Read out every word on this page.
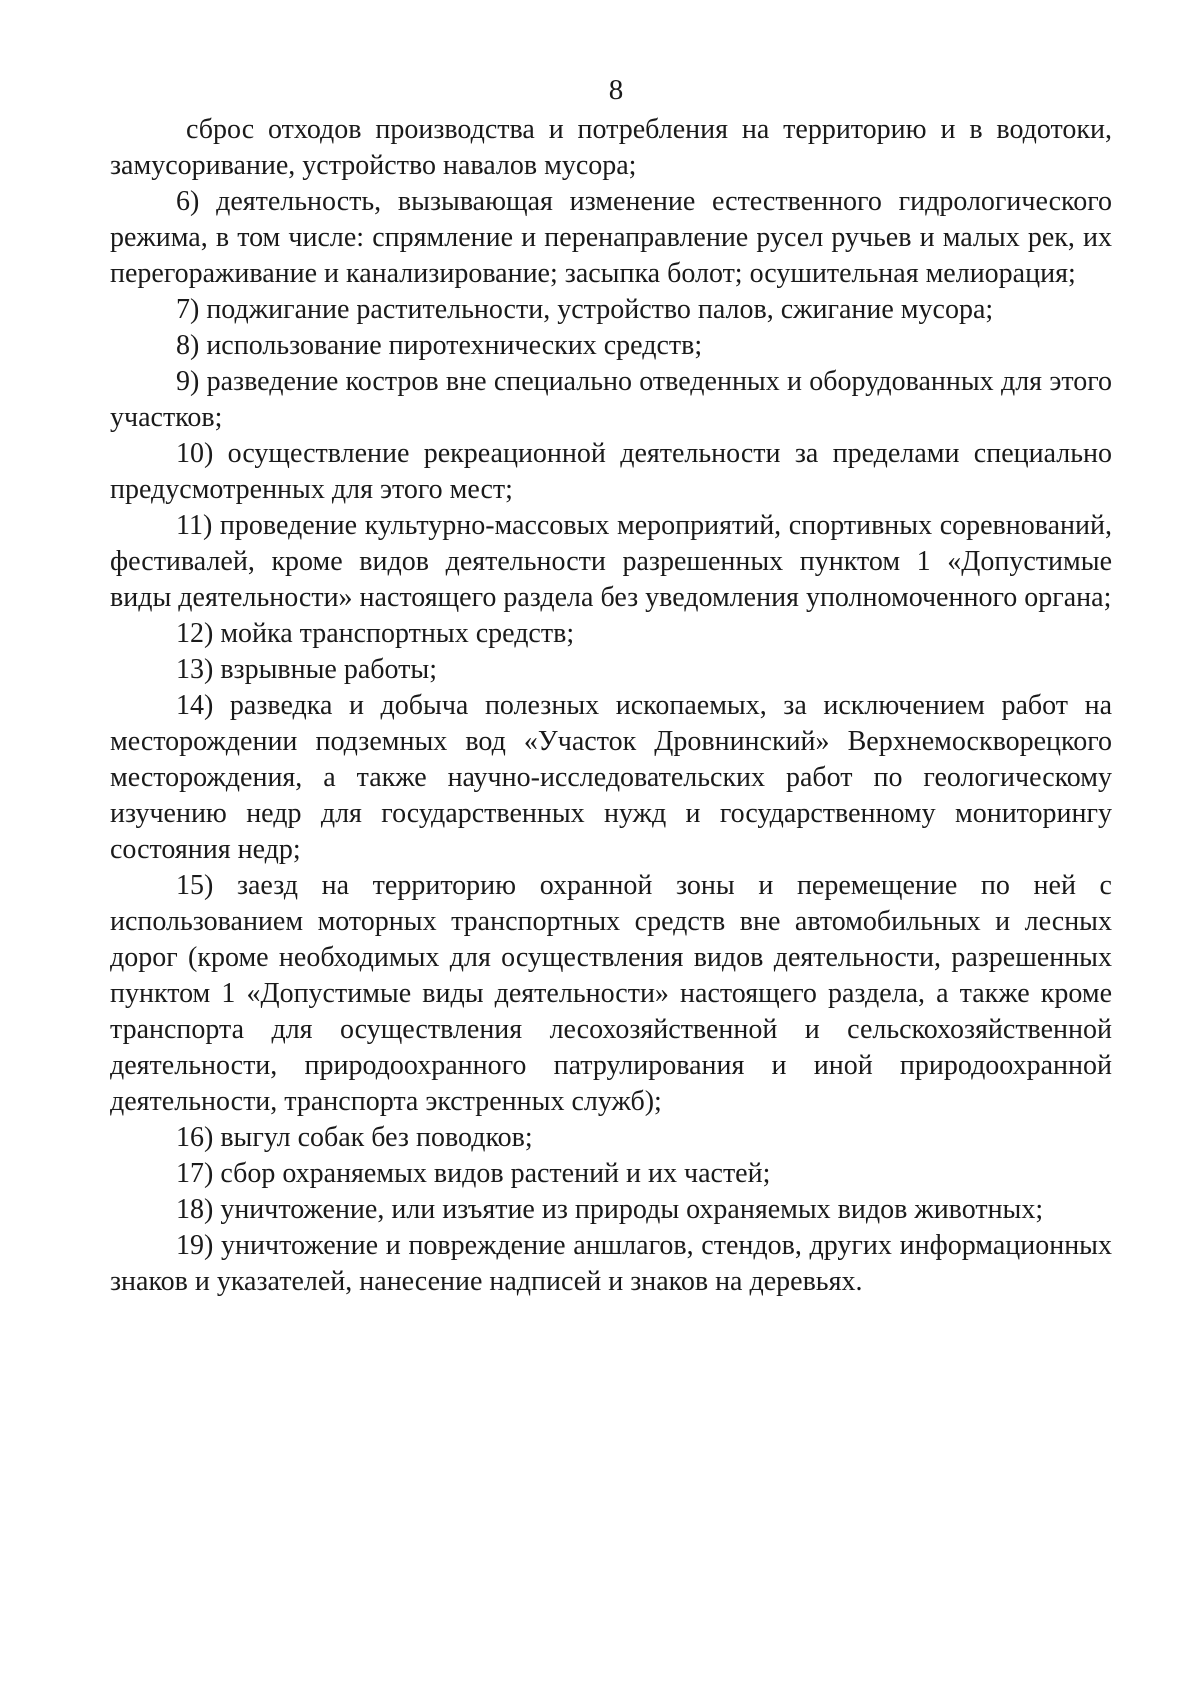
8

сброс отходов производства и потребления на территорию и в водотоки, замусоривание, устройство навалов мусора;

6) деятельность, вызывающая изменение естественного гидрологического режима, в том числе: спрямление и перенаправление русел ручьев и малых рек, их перегораживание и канализирование; засыпка болот; осушительная мелиорация;

7) поджигание растительности, устройство палов, сжигание мусора;

8) использование пиротехнических средств;

9) разведение костров вне специально отведенных и оборудованных для этого участков;

10) осуществление рекреационной деятельности за пределами специально предусмотренных для этого мест;

11) проведение культурно-массовых мероприятий, спортивных соревнований, фестивалей, кроме видов деятельности разрешенных пунктом 1 «Допустимые виды деятельности» настоящего раздела без уведомления уполномоченного органа;

12) мойка транспортных средств;

13) взрывные работы;

14) разведка и добыча полезных ископаемых, за исключением работ на месторождении подземных вод «Участок Дровнинский» Верхнемоскворецкого месторождения, а также научно-исследовательских работ по геологическому изучению недр для государственных нужд и государственному мониторингу состояния недр;

15) заезд на территорию охранной зоны и перемещение по ней с использованием моторных транспортных средств вне автомобильных и лесных дорог (кроме необходимых для осуществления видов деятельности, разрешенных пунктом 1 «Допустимые виды деятельности» настоящего раздела, а также кроме транспорта для осуществления лесохозяйственной и сельскохозяйственной деятельности, природоохранного патрулирования и иной природоохранной деятельности, транспорта экстренных служб);

16) выгул собак без поводков;

17) сбор охраняемых видов растений и их частей;

18) уничтожение, или изъятие из природы охраняемых видов животных;

19) уничтожение и повреждение аншлагов, стендов, других информационных знаков и указателей, нанесение надписей и знаков на деревьях.
